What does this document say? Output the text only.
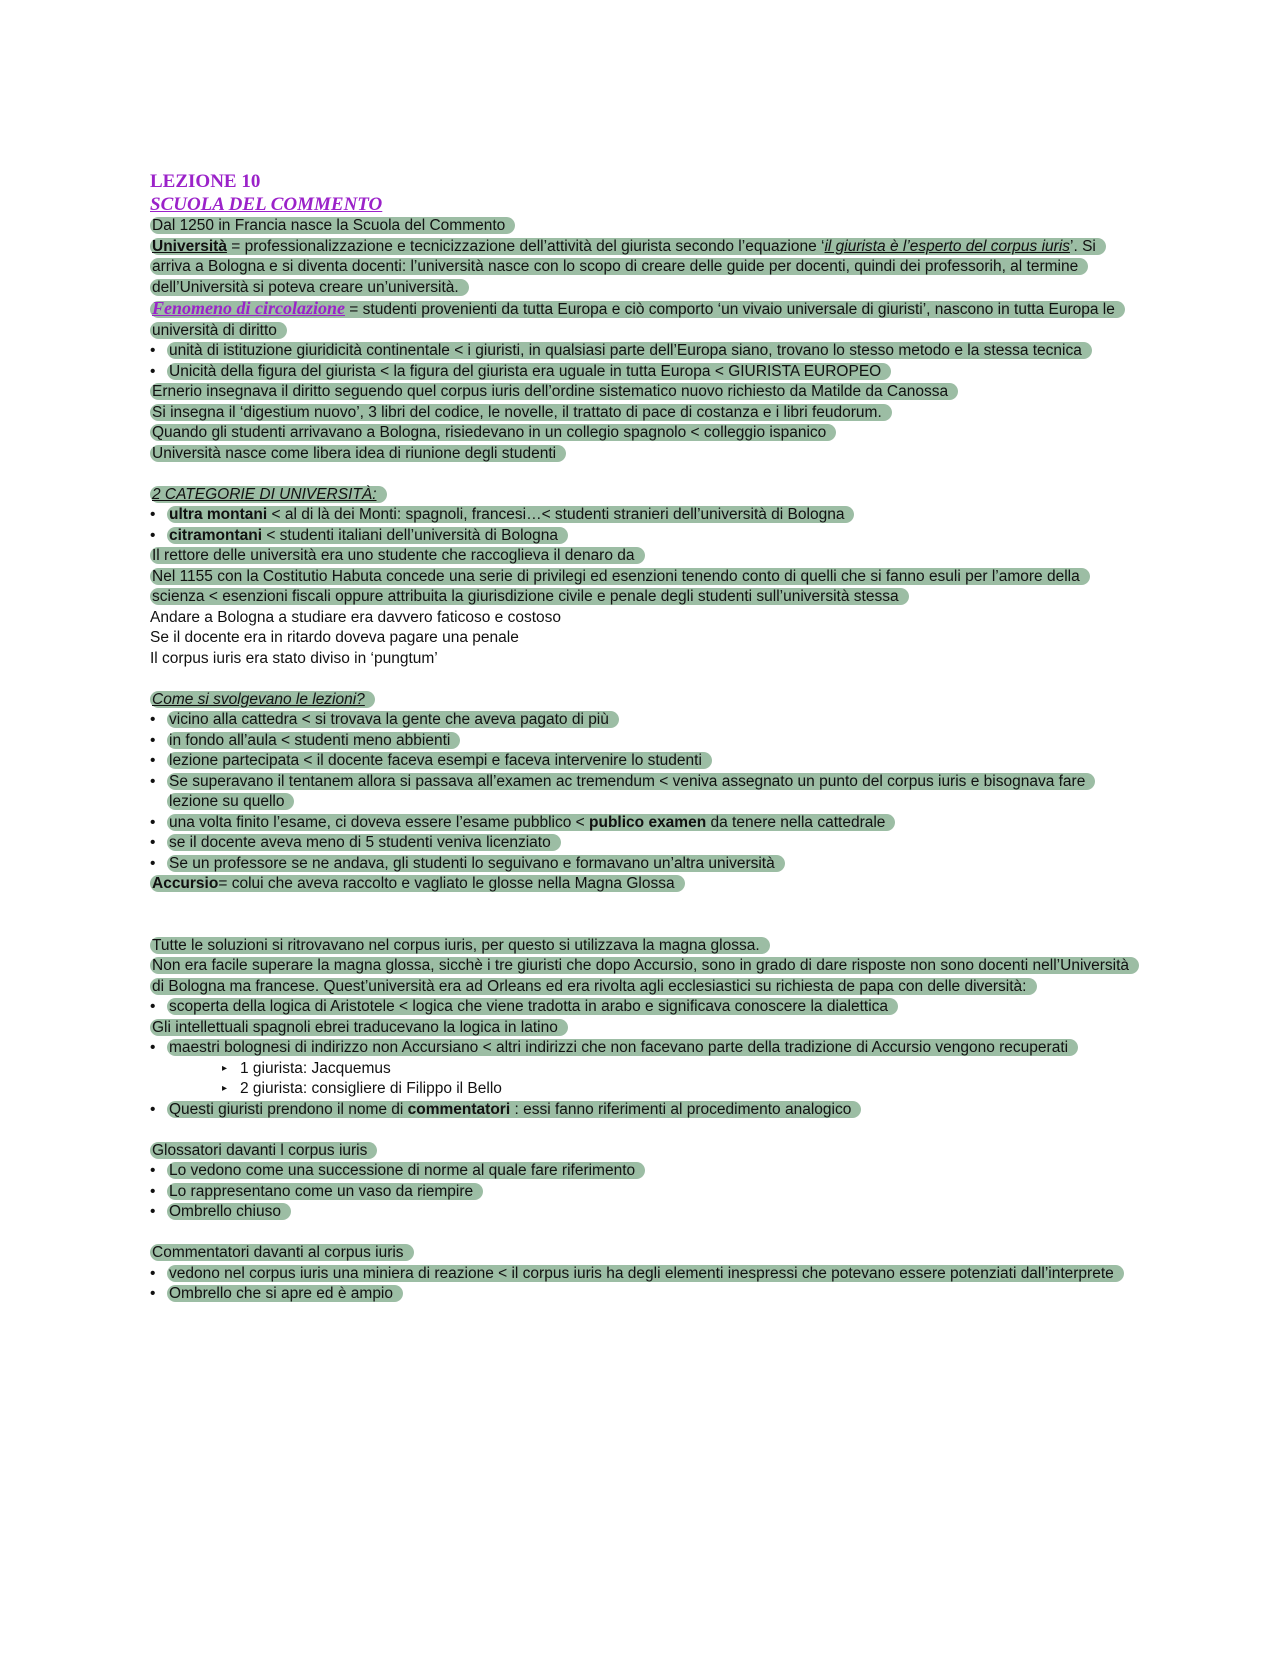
LEZIONE 10

SCUOLA DEL COMMENTO

Dal 1250 in Francia nasce la Scuola del Commento

Università = professionalizzazione e tecnicizzazione dell’attività del giurista secondo l’equazione ‘il giurista è l’esperto del corpus iuris’. Si arriva a Bologna e si diventa docenti: l’università nasce con lo scopo di creare delle guide per docenti, quindi dei professorih, al termine dell’Università si poteva creare un’università.

Fenomeno di circolazione = studenti provenienti da tutta Europa e ciò comporto ‘un vivaio universale di giuristi’, nascono in tutta Europa le università di diritto

• unità di istituzione giuridicità continentale < i giuristi, in qualsiasi parte dell’Europa siano, trovano lo stesso metodo e la stessa tecnica
• Unicità della figura del giurista < la figura del giurista era uguale in tutta Europa < GIURISTA EUROPEO

Ernerio insegnava il diritto seguendo quel corpus iuris dell’ordine sistematico nuovo richiesto da Matilde da Canossa

Si insegna il ‘digestium nuovo’, 3 libri del codice, le novelle, il trattato di pace di costanza e i libri feudorum.

Quando gli studenti arrivavano a Bologna, risiedevano in un collegio spagnolo < colleggio ispanico

Università nasce come libera idea di riunione degli studenti

2 CATEGORIE DI UNIVERSITÀ:

• ultra montani < al di là dei Monti: spagnoli, francesi…< studenti stranieri dell’università di Bologna
• citramontani < studenti italiani dell’università di Bologna

Il rettore delle università era uno studente che raccoglieva il denaro da

Nel 1155 con la Costitutio Habuta concede una serie di privilegi ed esenzioni tenendo conto di quelli che si fanno esuli per l’amore della scienza < esenzioni fiscali oppure attribuita la giurisdizione civile e penale degli studenti sull’università stessa

Andare a Bologna a studiare era davvero faticoso e costoso

Se il docente era in ritardo doveva pagare una penale

Il corpus iuris era stato diviso in ‘pungtum’

Come si svolgevano le lezioni?

• vicino alla cattedra < si trovava la gente che aveva pagato di più
• in fondo all’aula < studenti meno abbienti
• lezione partecipata < il docente faceva esempi e faceva intervenire lo studenti
• Se superavano il tentanem allora si passava all’examen ac tremendum < veniva assegnato un punto del corpus iuris e bisognava fare lezione su quello
• una volta finito l’esame, ci doveva essere l’esame pubblico < publico examen da tenere nella cattedrale
• se il docente aveva meno di 5 studenti veniva licenziato
• Se un professore se ne andava, gli studenti lo seguivano e formavano un’altra università

Accursio= colui che aveva raccolto e vagliato le glosse nella Magna Glossa

Tutte le soluzioni si ritrovavano nel corpus iuris, per questo si utilizzava la magna glossa.

Non era facile superare la magna glossa, sicchè i tre giuristi che dopo Accursio, sono in grado di dare risposte non sono docenti nell’Università di Bologna ma francese. Quest’università era ad Orleans ed era rivolta agli ecclesiastici su richiesta de papa con delle diversità:

• scoperta della logica di Aristotele < logica che viene tradotta in arabo e significava conoscere la dialettica

Gli intellettuali spagnoli ebrei traducevano la logica in latino

• maestri bolognesi di indirizzo non Accursiano < altri indirizzi che non facevano parte della tradizione di Accursio vengono recuperati
▸ 1 giurista: Jacquemus
▸ 2 giurista: consigliere di Filippo il Bello
• Questi giuristi prendono il nome di commentatori : essi fanno riferimenti al procedimento analogico

Glossatori davanti l corpus iuris

• Lo vedono come una successione di norme al quale fare riferimento
• Lo rappresentano come un vaso da riempire
• Ombrello chiuso

Commentatori davanti al corpus iuris

• vedono nel corpus iuris una miniera di reazione < il corpus iuris ha degli elementi inespressi che potevano essere potenziati dall’interprete
• Ombrello che si apre ed è ampio
